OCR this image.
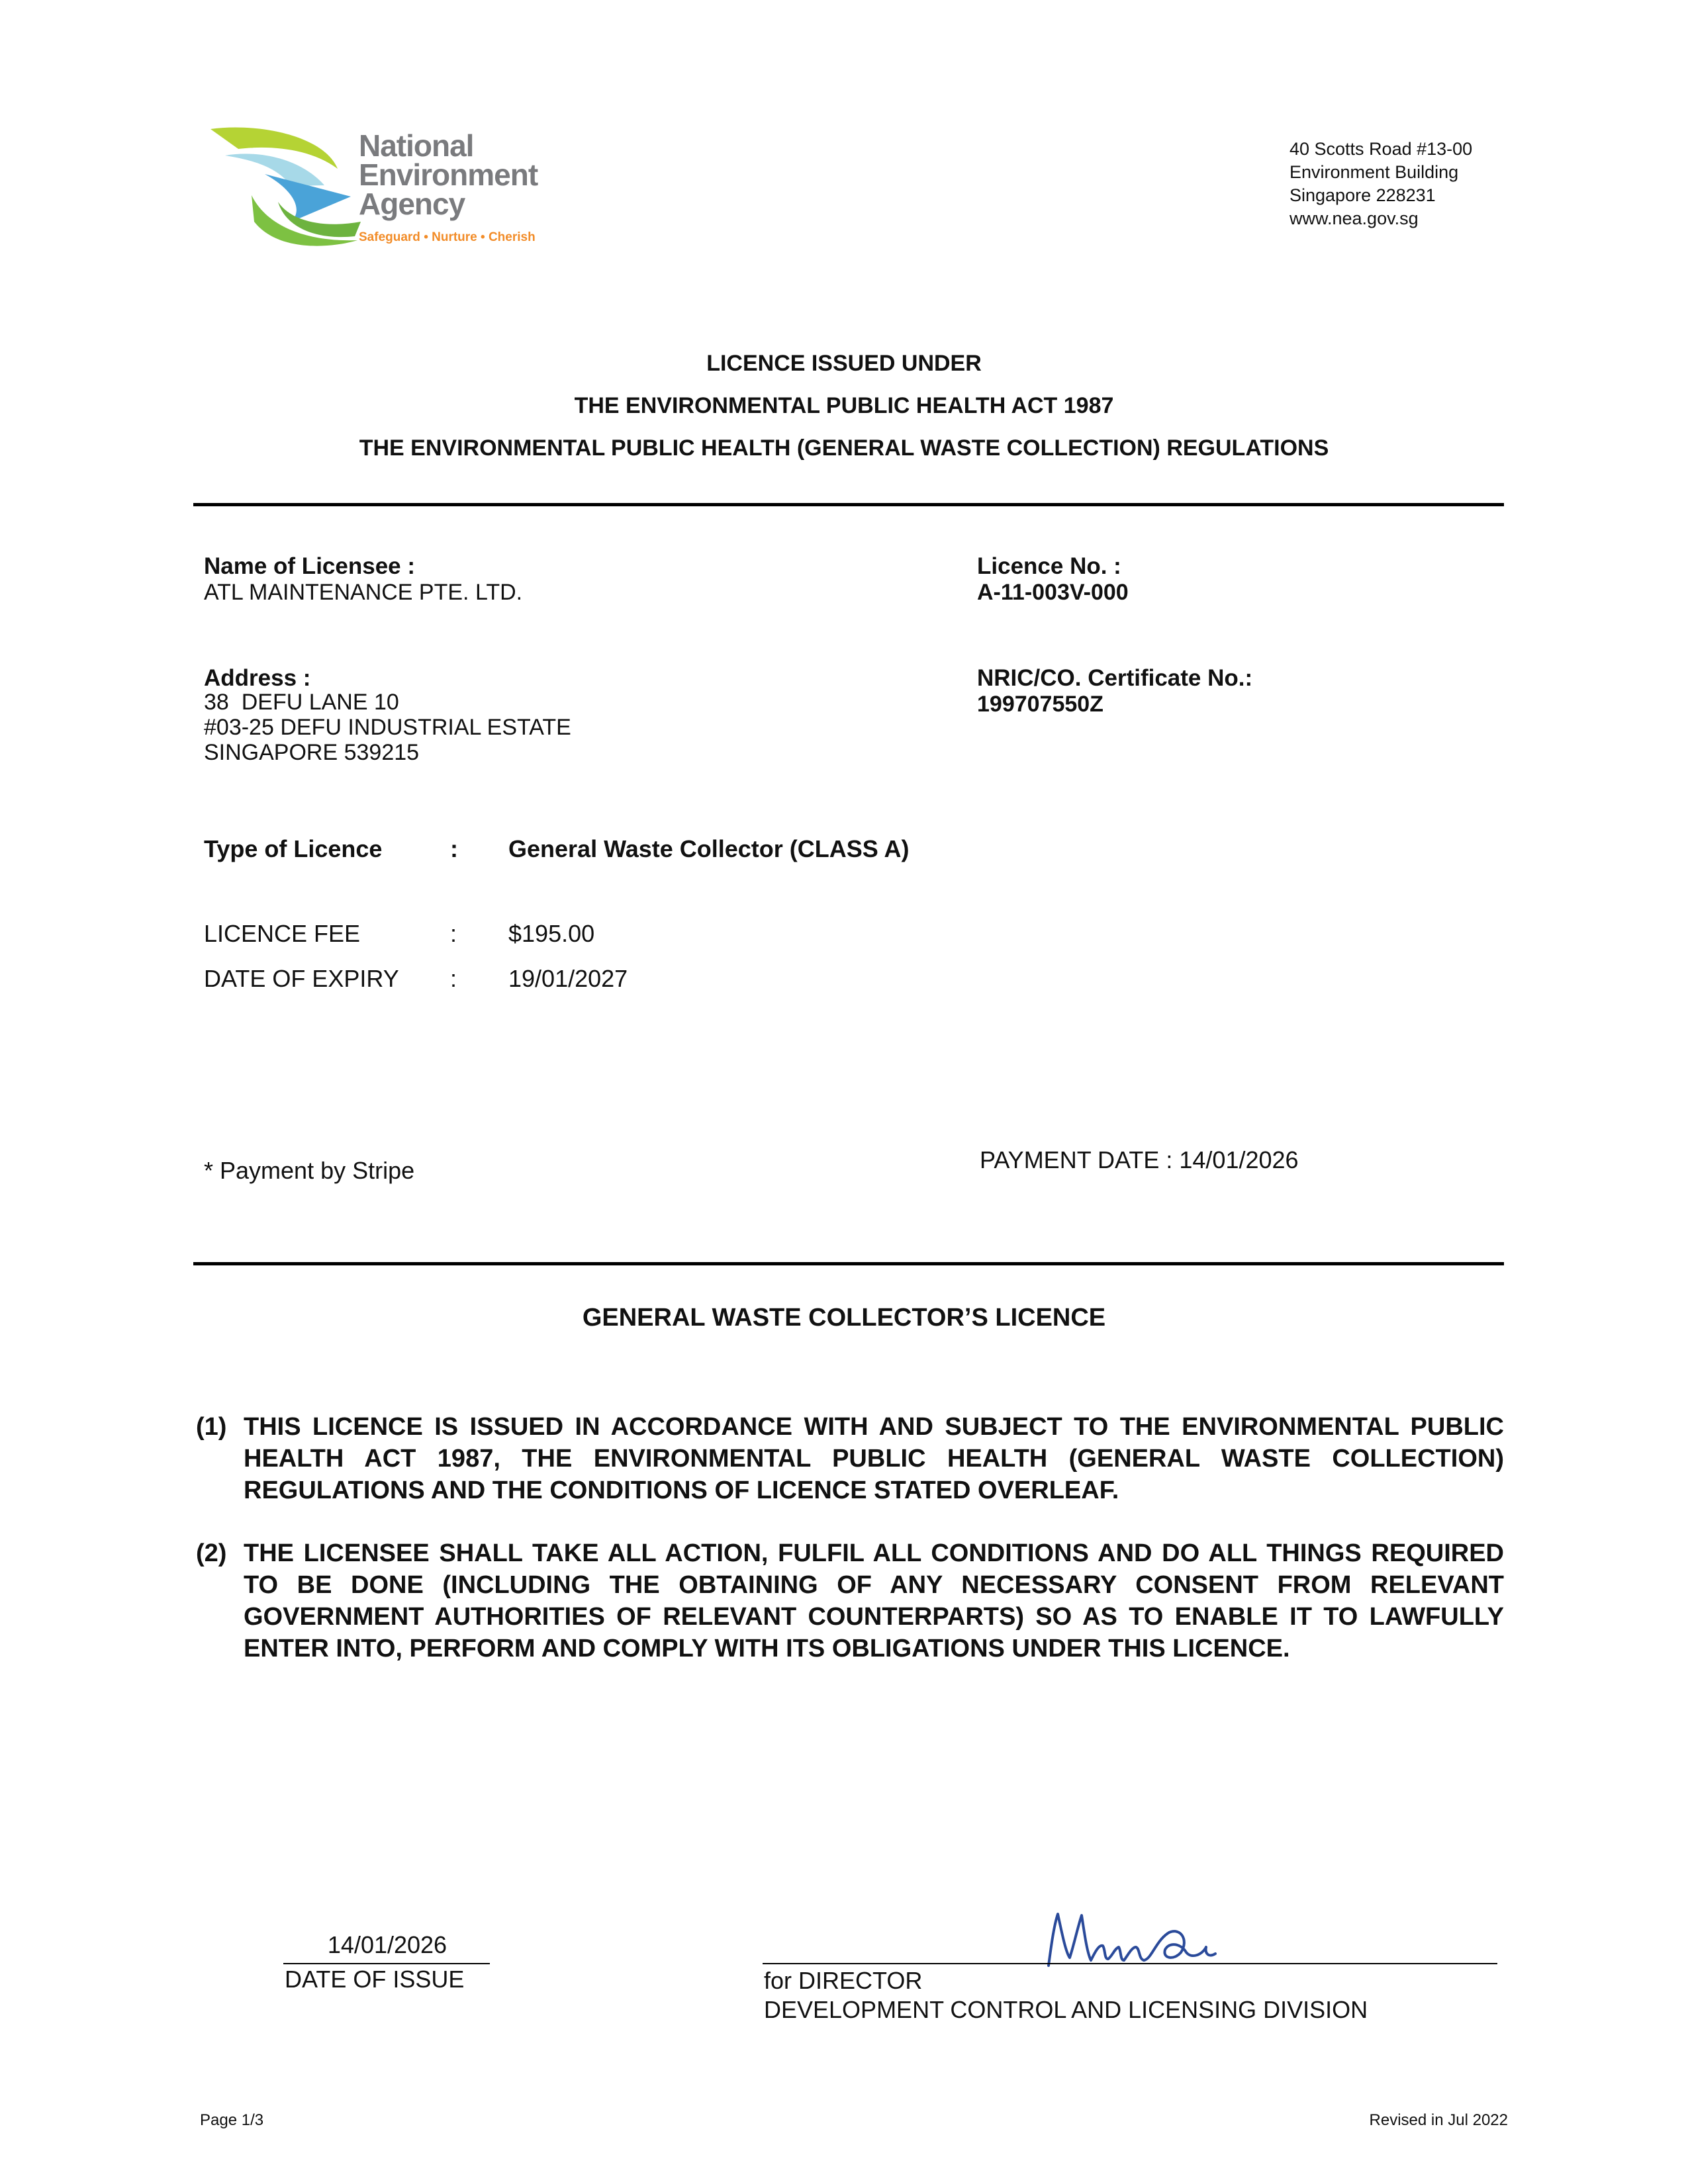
National
Environment
Agency
Safeguard • Nurture • Cherish
40 Scotts Road #13-00
Environment Building
Singapore 228231
www.nea.gov.sg
LICENCE ISSUED UNDER
THE ENVIRONMENTAL PUBLIC HEALTH ACT 1987
THE ENVIRONMENTAL PUBLIC HEALTH (GENERAL WASTE COLLECTION) REGULATIONS
Name of Licensee :
ATL MAINTENANCE PTE. LTD.
Licence No. :
A-11-003V-000
Address :
38  DEFU LANE 10
#03-25 DEFU INDUSTRIAL ESTATE
SINGAPORE 539215
NRIC/CO. Certificate No.:
199707550Z
Type of Licence	: General Waste Collector (CLASS A)
LICENCE FEE	: $195.00
DATE OF EXPIRY : 19/01/2027
* Payment by Stripe	PAYMENT DATE : 14/01/2026
GENERAL WASTE COLLECTOR’S LICENCE
(1) THIS LICENCE IS ISSUED IN ACCORDANCE WITH AND SUBJECT TO THE ENVIRONMENTAL PUBLIC HEALTH ACT 1987, THE ENVIRONMENTAL PUBLIC HEALTH (GENERAL WASTE COLLECTION) REGULATIONS AND THE CONDITIONS OF LICENCE STATED OVERLEAF.
(2) THE LICENSEE SHALL TAKE ALL ACTION, FULFIL ALL CONDITIONS AND DO ALL THINGS REQUIRED TO BE DONE (INCLUDING THE OBTAINING OF ANY NECESSARY CONSENT FROM RELEVANT GOVERNMENT AUTHORITIES OF RELEVANT COUNTERPARTS) SO AS TO ENABLE IT TO LAWFULLY ENTER INTO, PERFORM AND COMPLY WITH ITS OBLIGATIONS UNDER THIS LICENCE.
14/01/2026
DATE OF ISSUE	for DIRECTOR
DEVELOPMENT CONTROL AND LICENSING DIVISION
Page 1/3	Revised in Jul 2022
